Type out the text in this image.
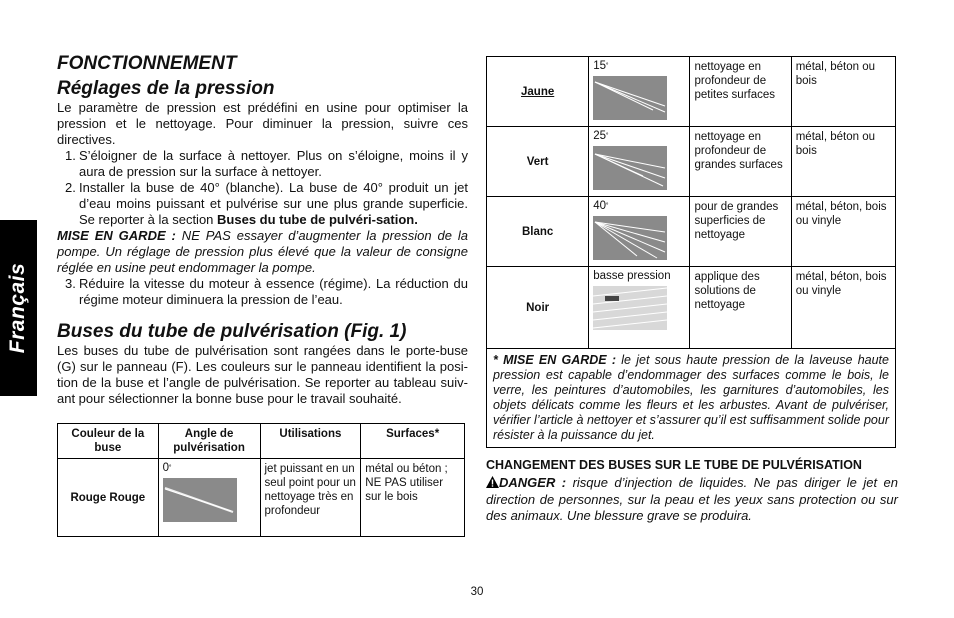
Français
FONCTIONNEMENT
Réglages de la pression

Le paramètre de pression est prédéfini en usine pour optimiser la pression et le nettoyage. Pour diminuer la pression, suivre ces directives.

1. S’éloigner de la surface à nettoyer. Plus on s’éloigne, moins il y aura de pression sur la surface à nettoyer.
2. Installer la buse de 40° (blanche). La buse de 40° produit un jet d’eau moins puissant et pulvérise sur une plus grande superficie. Se reporter à la section Buses du tube de pulvéri-sation.

MISE EN GARDE : NE PAS essayer d’augmenter la pression de la pompe. Un réglage de pression plus élevé que la valeur de consigne réglée en usine peut endommager la pompe.

3. Réduire la vitesse du moteur à essence (régime). La réduction du régime moteur diminuera la pression de l’eau.
Buses du tube de pulvérisation (Fig. 1)

Les buses du tube de pulvérisation sont rangées dans le porte-buse (G) sur le panneau (F). Les couleurs sur le panneau identifient la posi-tion de la buse et l’angle de pulvérisation. Se reporter au tableau suiv-ant pour sélectionner la bonne buse pour le travail souhaité.

Couleur de la buse	Angle de pulvérisation	Utilisations	Surfaces*
Rouge Rouge	0˚	jet puissant en un seul point pour un nettoyage très en profondeur	métal ou béton ; NE PAS utiliser sur le bois
Jaune	15˚	nettoyage en profondeur de petites surfaces	métal, béton ou bois
Vert	25˚	nettoyage en profondeur de grandes surfaces	métal, béton ou bois
Blanc	40˚	pour de grandes superficies de nettoyage	métal, béton, bois ou vinyle
Noir	basse pression	applique des solutions de nettoyage	métal, béton, bois ou vinyle
* MISE EN GARDE : le jet sous haute pression de la laveuse haute pression est capable d’endommager des surfaces comme le bois, le verre, les peintures d’automobiles, les garnitures d’automobiles, les objets délicats comme les fleurs et les arbustes. Avant de pulvériser, vérifier l’article à nettoyer et s’assurer qu’il est suffisamment solide pour résister à la puissance du jet.			
CHANGEMENT DES BUSES SUR LE TUBE DE PULVÉRISATION

DANGER : risque d’injection de liquides. Ne pas diriger le jet en direction de personnes, sur la peau et les yeux sans protection ou sur des animaux. Une blessure grave se produira.

30
